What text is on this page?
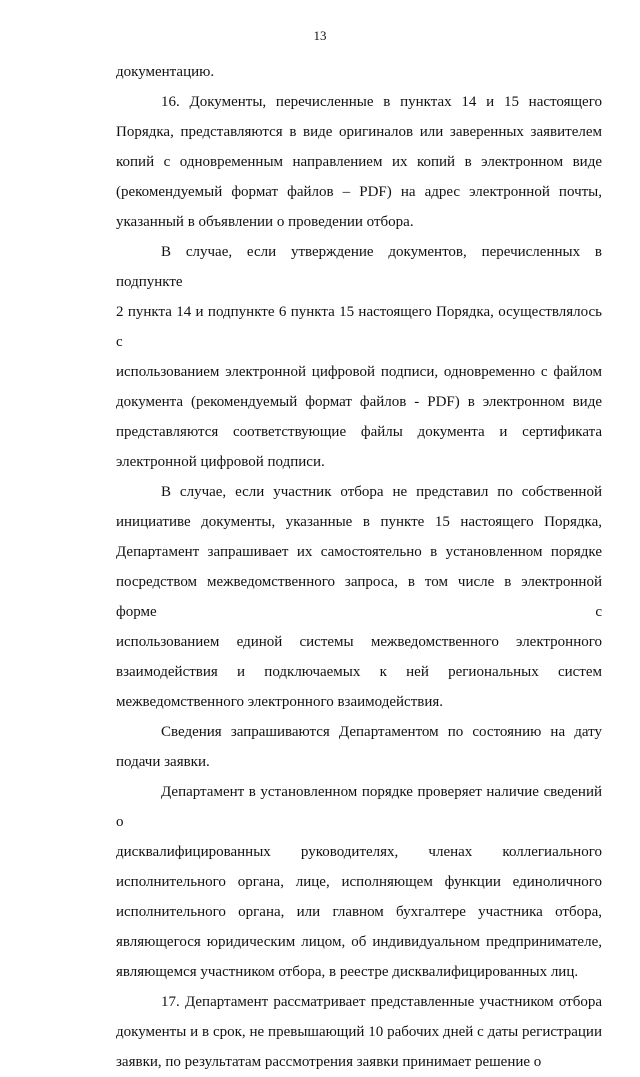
13
документацию.
16. Документы, перечисленные в пунктах 14 и 15 настоящего
Порядка, представляются в виде оригиналов или заверенных заявителем
копий с одновременным направлением их копий в электронном виде
(рекомендуемый формат файлов – PDF) на адрес электронной почты,
указанный в объявлении о проведении отбора.
В случае, если утверждение документов, перечисленных в подпункте
2 пункта 14 и подпункте 6 пункта 15 настоящего Порядка, осуществлялось с
использованием электронной цифровой подписи, одновременно с файлом
документа (рекомендуемый формат файлов - PDF) в электронном виде
представляются соответствующие файлы документа и сертификата
электронной цифровой подписи.
В случае, если участник отбора не представил по собственной
инициативе документы, указанные в пункте 15 настоящего Порядка,
Департамент запрашивает их самостоятельно в установленном порядке
посредством межведомственного запроса, в том числе в электронной форме с
использованием единой системы межведомственного электронного
взаимодействия и подключаемых к ней региональных систем
межведомственного электронного взаимодействия.
Сведения запрашиваются Департаментом по состоянию на дату
подачи заявки.
Департамент в установленном порядке проверяет наличие сведений о
дисквалифицированных руководителях, членах коллегиального
исполнительного органа, лице, исполняющем функции единоличного
исполнительного органа, или главном бухгалтере участника отбора,
являющегося юридическим лицом, об индивидуальном предпринимателе,
являющемся участником отбора, в реестре дисквалифицированных лиц.
17. Департамент рассматривает представленные участником отбора
документы и в срок, не превышающий 10 рабочих дней с даты регистрации
заявки, по результатам рассмотрения заявки принимает решение о
